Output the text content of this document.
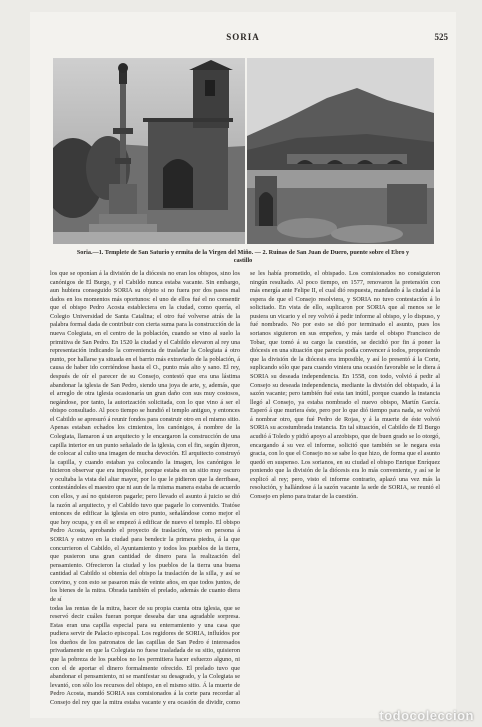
SORIA	525
Soria.—1. Templete de San Saturio y ermita de la Virgen del Miño. — 2. Ruinas de San Juan de Duero, puente sobre el Ebro y castillo

los que se oponían á la división de la diócesis no eran los obispos, sino los canónigos de El Burgo, y el Cabildo nunca estaba vacante. Sin embargo, aun hubiera conseguido SORIA su objeto si no fuera por dos pasos mal dados en los momentos más oportunos: el uno de ellos fué el no consentir que el obispo Pedro Acosta estableciera en la ciudad, como quería, el Colegio Universidad de Santa Catalina; el otro fué volverse atrás de la palabra formal dada de contribuir con cierta suma para la construcción de la nueva Colegiata, en el centro de la población, cuando se vino al suelo la primitiva de San Pedro. En 1520 la ciudad y el Cabildo elevaron al rey una representación indicando la conveniencia de trasladar la Colegiata á otro punto, por hallarse ya situada en el barrio más extraviado de la población, á causa de haber ido corriéndose hasta el O., punto más alto y sano. El rey, después de oír el parecer de su Consejo, contestó que era una lástima abandonar la iglesia de San Pedro, siendo una joya de arte, y, además, que el arreglo de otra iglesia ocasionaría un gran daño con sus muy costosos, negándose, por tanto, la autorización solicitada, con lo que vino á ser el obispo consultado. Al poco tiempo se hundió el templo antiguo, y entonces el Cabildo se apresuró á reunir fondos para construir otro en el mismo sitio. Apenas estaban echados los cimientos, los canónigos, á nombre de la Colegiata, llamaron á un arquitecto y le encargaron la construcción de una capilla interior en un punto señalado de la iglesia, con el fin, según dijeron, de colocar al culto una imagen de mucha devoción. El arquitecto construyó la capilla, y cuando estaban ya colocando la imagen, los canónigos le hicieron observar que era imposible, porque estaba en un sitio muy oscuro y ocultaba la vista del altar mayor, por lo que le pidieron que la derribase, contestándoles el maestro que ni aun de la misma manera estaba de acuerdo con ellos, y así no quisieron pagarle; pero llevado el asunto á juicio se dió la razón al arquitecto, y el Cabildo tuvo que pagarle lo convenido. Tratóse entonces de edificar la iglesia en otro punto, señalándose como mejor el que hoy ocupa, y en él se empezó á edificar de nuevo el templo. El obispo Pedro Acosta, aprobando el proyecto de traslación, vino en persona á SORIA y estuvo en la ciudad para bendecir la primera piedra, á la que concurrieron el Cabildo, el Ayuntamiento y todos los pueblos de la tierra, que pusieron una gran cantidad de dinero para la realización del pensamiento. Ofrecieron la ciudad y los pueblos de la tierra una buena cantidad al Cabildo si obtenía del obispo la traslación de la silla, y así se convino, y con esto se pasaron más de veinte años, en que todos juntos, de los bienes de la mitra. Obrada también el prelado, además de cuanto diera de sí

todas las rentas de la mitra, hacer de su propia cuenta otra iglesia, que se reservó decir cuáles fueran porque deseaba dar una agradable sorpresa. Estas eran una capilla especial para su enterramiento y una casa que pudiera servir de Palacio episcopal. Los regidores de SORIA, influídos por los dueños de los patronatos de las capillas de San Pedro é interesados privadamente en que la Colegiata no fuese trasladada de su sitio, quisieron que la pobreza de los pueblos no les permitiera hacer esfuerzo alguno, ni con el de aportar el dinero formalmente ofrecido. El prelado tuvo que abandonar el pensamiento, ni se manifestar su desagrado, y la Colegiata se levantó, con sólo los recursos del obispo, en el mismo sitio. Á la muerte de Pedro Acosta, mandó SORIA sus comisionados á la corte para recordar al Consejo del rey que la mitra estaba vacante y era ocasión de dividir, como se les había prometido, el obispado. Los comisionados no consiguieron ningún resultado. Al poco tiempo, en 1577, renovaron la pretensión con más energía ante Felipe II, el cual dió respuesta, mandando á la ciudad á la espera de que el Consejo resolviera, y SORIA no tuvo contestación á lo solicitado. En vista de ello, suplicaron por SORIA que al menos se le pusiera un vicario y el rey volvió á pedir informe al obispo, y lo dispuso, y fué nombrado. No por esto se dió por terminado el asunto, pues los sorianos siguieron en sus empeños, y más tarde el obispo Francisco de Tobar, que tomó á su cargo la cuestión, se decidió por fin á poner la diócesis en una situación que parecía podía convencer á todos, proponiendo que la división de la diócesis era imposible, y así lo presentó á la Corte, suplicando sólo que para cuando viniera una ocasión favorable se le diera á SORIA su deseada independencia. En 1558, con todo, volvió á pedir al Consejo su deseada independencia, mediante la división del obispado, á la sazón vacante; pero también fué esta tan inútil, porque cuando la instancia llegó al Consejo, ya estaba nombrado el nuevo obispo, Martín García. Esperó á que muriera éste, pero por lo que dió tiempo para nada, se volvió á nombrar otro, que fué Pedro de Rojas, y á la muerte de éste volvió SORIA su acostumbrada instancia. En tal situación, el Cabildo de El Burgo acudió á Toledo y pidió apoyo al arzobispo, que de buen grado se lo otorgó, encargando á su vez el informe, solicitó que también se le negara esta gracia, con lo que el Consejo no se sabe lo que hizo, de forma que el asunto quedó en suspenso. Los sorianos, en su ciudad el obispo Enrique Enríquez poniendo que la división de la diócesis era lo más conveniente, y así se le explicó al rey; pero, visto el informe contrario, aplazó una vez más la resolución, y hallándose á la sazón vacante la sede de SORIA, se reunió el Consejo en pleno para tratar de la cuestión.

todocoleccion
